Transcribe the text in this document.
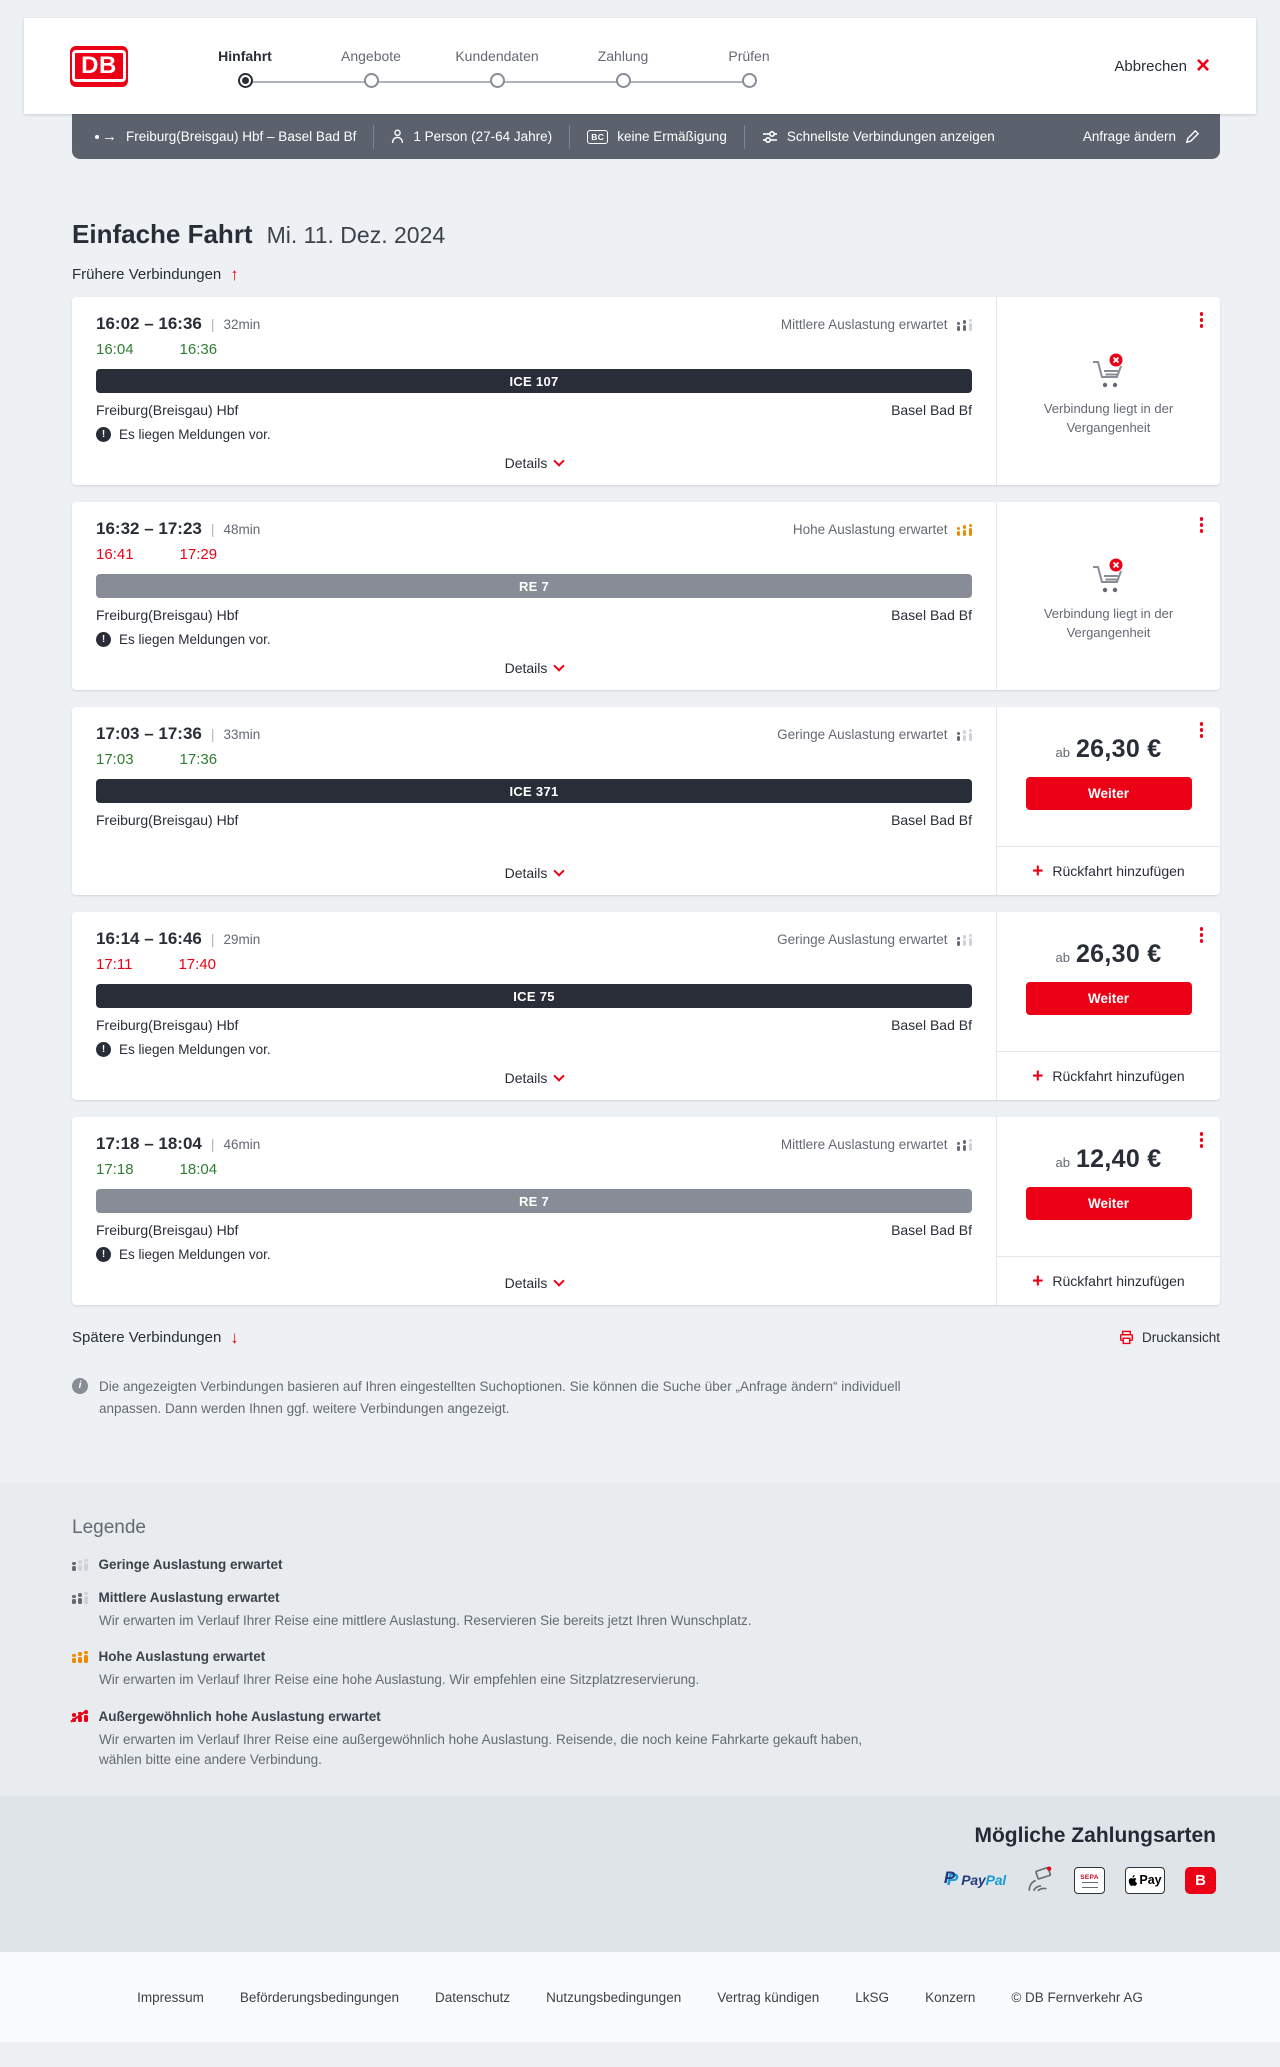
DB	Hinfahrt	Angebote	Kundendaten	Zahlung	Prüfen
Abbrechen ×
→ Freiburg(Breisgau) Hbf – Basel Bad Bf	1 Person (27-64 Jahre)	BC keine Ermäßigung	Schnellste Verbindungen anzeigen	Anfrage ändern
Einfache Fahrt Mi. 11. Dez. 2024
Frühere Verbindungen ↑
16:02 – 16:36 | 32min	Mittlere Auslastung erwartet
16:04	16:36
ICE 107
Freiburg(Breisgau) Hbf	Basel Bad Bf
!	Es liegen Meldungen vor.
Details

Verbindung liegt in der Vergangenheit

16:32 – 17:23 | 48min	Hohe Auslastung erwartet
16:41	17:29
RE 7
Freiburg(Breisgau) Hbf	Basel Bad Bf
!	Es liegen Meldungen vor.
Details

Verbindung liegt in der Vergangenheit

17:03 – 17:36 | 33min	Geringe Auslastung erwartet
17:03	17:36
ICE 371
Freiburg(Breisgau) Hbf	Basel Bad Bf
Details
ab 26,30 €
Weiter
+ Rückfahrt hinzufügen
16:14 – 16:46 | 29min	Geringe Auslastung erwartet
17:11	17:40
ICE 75
Freiburg(Breisgau) Hbf	Basel Bad Bf
!	Es liegen Meldungen vor.
Details
ab 26,30 €
Weiter
+ Rückfahrt hinzufügen
17:18 – 18:04 | 46min	Mittlere Auslastung erwartet
17:18	18:04
RE 7
Freiburg(Breisgau) Hbf	Basel Bad Bf
!	Es liegen Meldungen vor.
Details
ab 12,40 €
Weiter
+ Rückfahrt hinzufügen
Spätere Verbindungen ↓	Druckansicht
i	Die angezeigten Verbindungen basieren auf Ihren eingestellten Suchoptionen. Sie können die Suche über „Anfrage ändern“ individuell anpassen. Dann werden Ihnen ggf. weitere Verbindungen angezeigt.

Legende
Geringe Auslastung erwartet
Mittlere Auslastung erwartet

Wir erwarten im Verlauf Ihrer Reise eine mittlere Auslastung. Reservieren Sie bereits jetzt Ihren Wunschplatz.

Hohe Auslastung erwartet

Wir erwarten im Verlauf Ihrer Reise eine hohe Auslastung. Wir empfehlen eine Sitzplatzreservierung.

Außergewöhnlich hohe Auslastung erwartet

Wir erwarten im Verlauf Ihrer Reise eine außergewöhnlich hohe Auslastung. Reisende, die noch keine Fahrkarte gekauft haben, wählen bitte eine andere Verbindung.

Mögliche Zahlungsarten
P P PayPal	SEPA	Pay	B
Impressum	Beförderungsbedingungen	Datenschutz	Nutzungsbedingungen	Vertrag kündigen	LkSG	Konzern	© DB Fernverkehr AG
